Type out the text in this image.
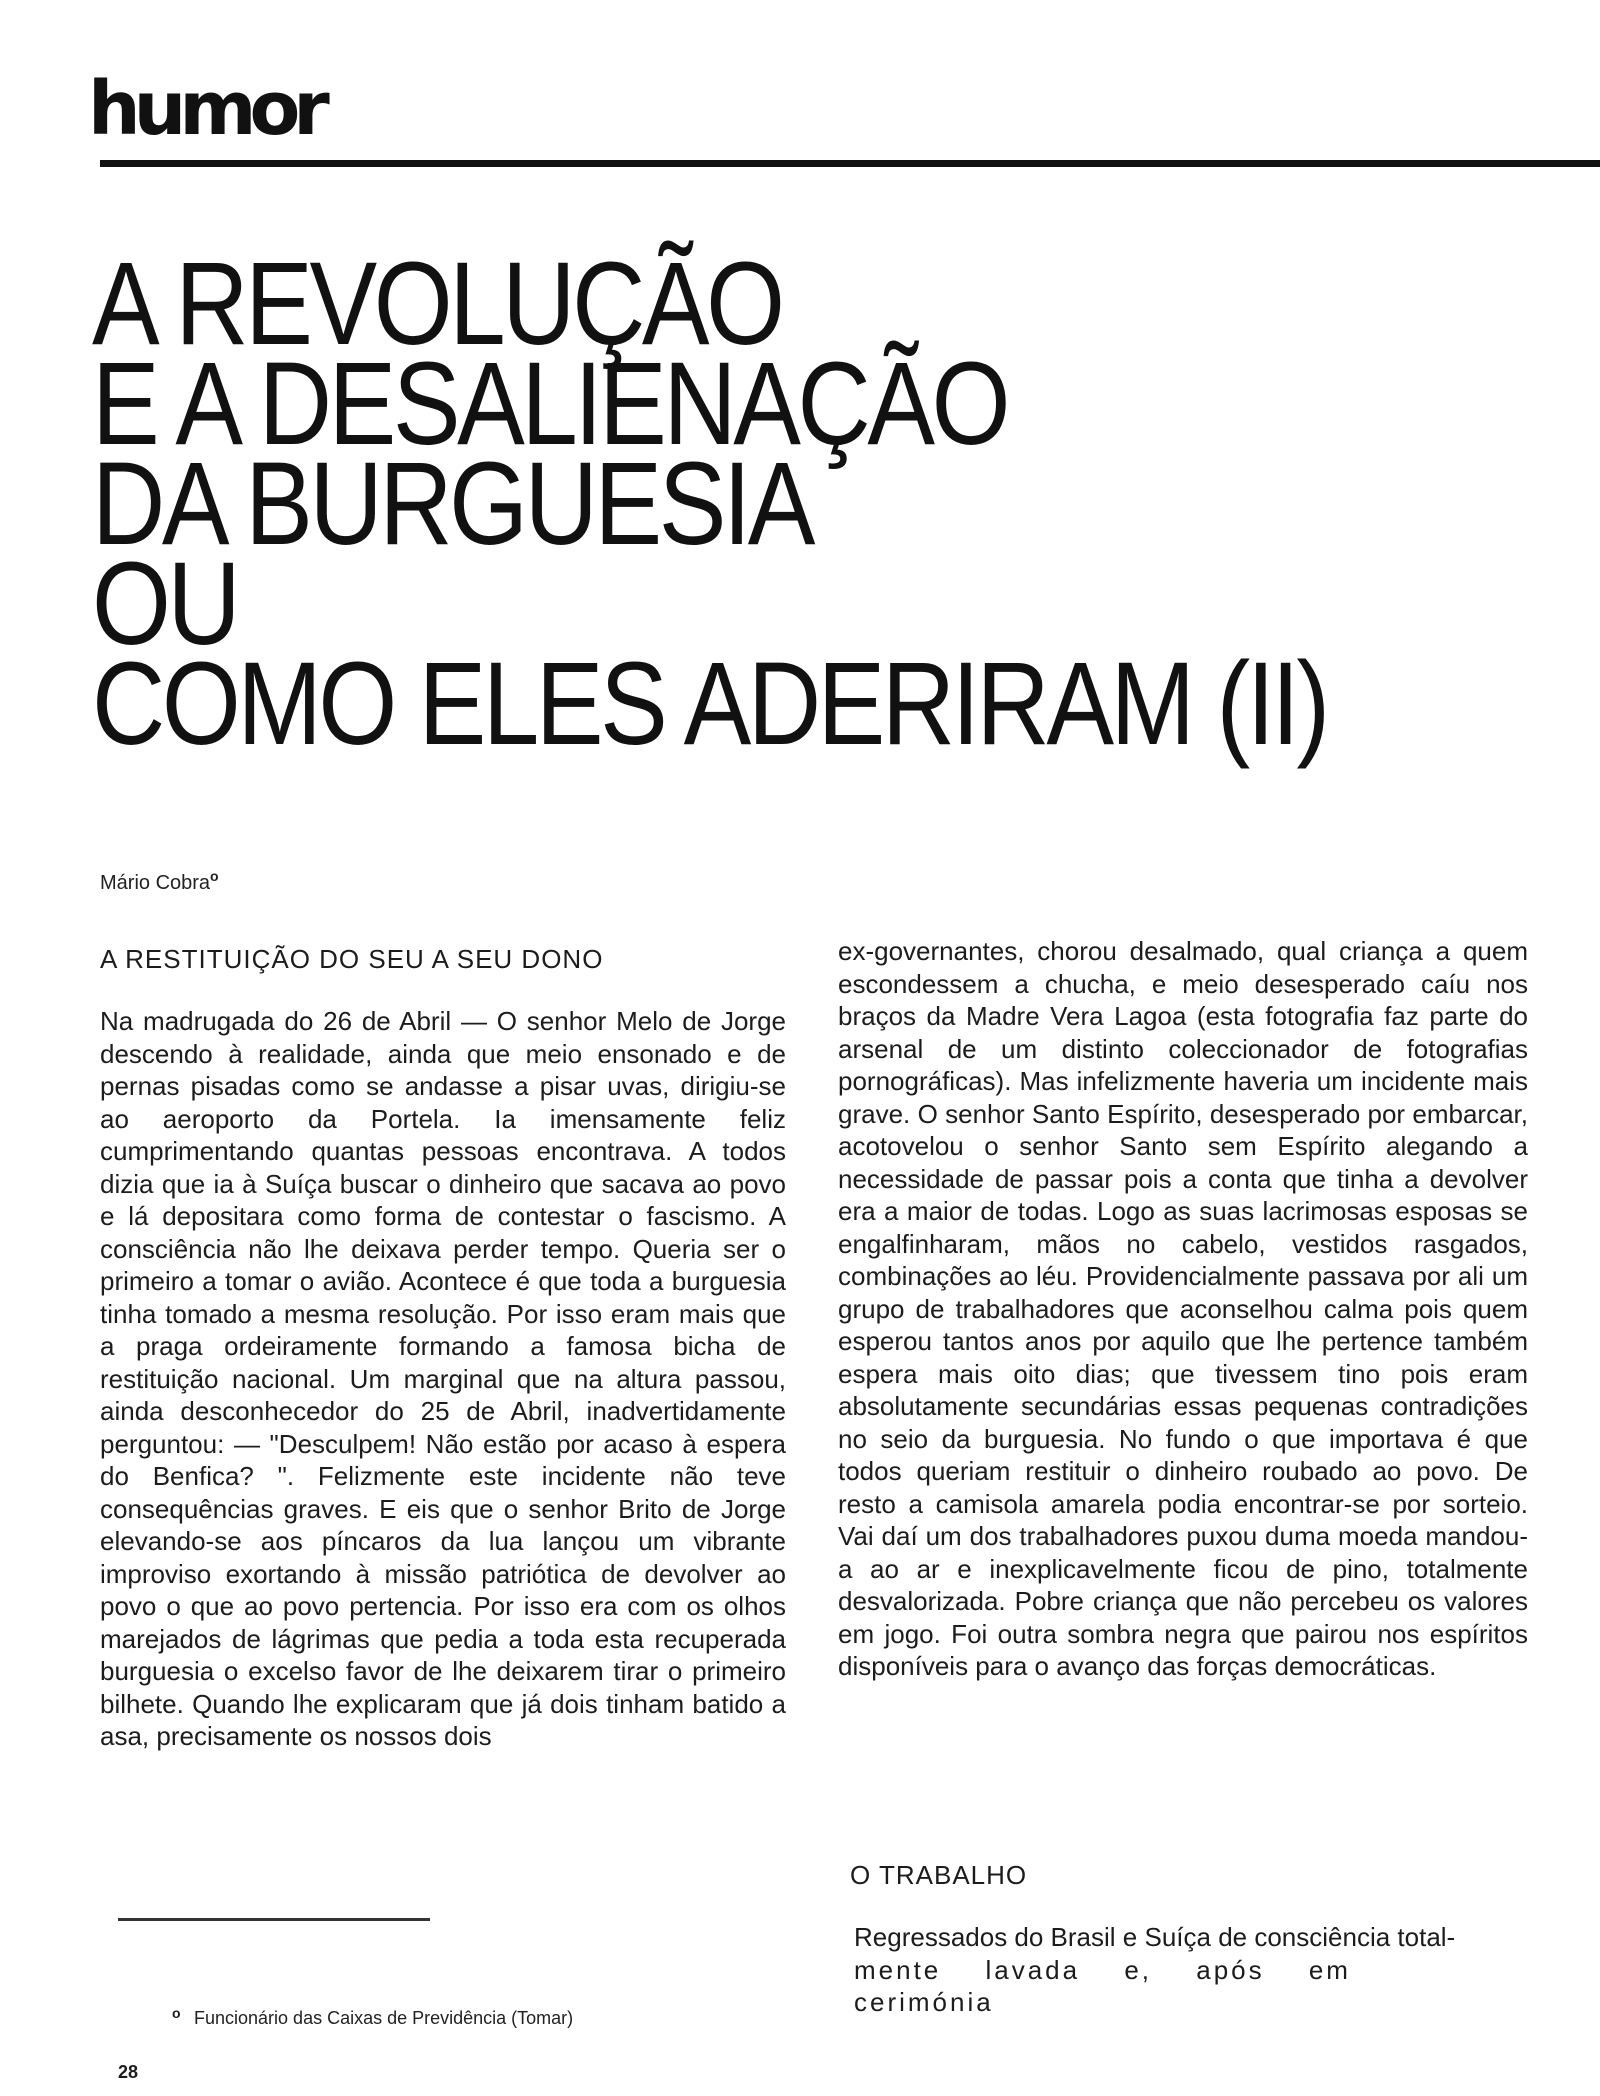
humor
A REVOLUÇÃO
E A DESALIENAÇÃO
DA BURGUESIA
OU
COMO ELES ADERIRAM (II)
Mário Cobra$^o$
A RESTITUIÇÃO DO SEU A SEU DONO

Na madrugada do 26 de Abril — O senhor Melo de Jorge descendo à realidade, ainda que meio ensonado e de pernas pisadas como se andasse a pisar uvas, dirigiu-se ao aeroporto da Portela. Ia imensamente feliz cumprimentando quantas pessoas encontrava. A todos dizia que ia à Suíça buscar o dinheiro que sacava ao povo e lá depositara como forma de contestar o fascismo. A consciência não lhe deixava perder tempo. Queria ser o primeiro a tomar o avião. Acontece é que toda a burguesia tinha tomado a mesma resolução. Por isso eram mais que a praga ordeiramente formando a famosa bicha de restituição nacional. Um marginal que na altura passou, ainda desconhecedor do 25 de Abril, inadvertidamente perguntou: — "Desculpem! Não estão por acaso à espera do Benfica? ". Felizmente este incidente não teve consequências graves. E eis que o senhor Brito de Jorge elevando-se aos píncaros da lua lançou um vibrante improviso exortando à missão patriótica de devolver ao povo o que ao povo pertencia. Por isso era com os olhos marejados de lágrimas que pedia a toda esta recuperada burguesia o excelso favor de lhe deixarem tirar o primeiro bilhete. Quando lhe explicaram que já dois tinham batido a asa, precisamente os nossos dois

ex-governantes, chorou desalmado, qual criança a quem escondessem a chucha, e meio desesperado caíu nos braços da Madre Vera Lagoa (esta fotografia faz parte do arsenal de um distinto coleccionador de fotografias pornográficas). Mas infelizmente haveria um incidente mais grave. O senhor Santo Espírito, desesperado por embarcar, acotovelou o senhor Santo sem Espírito alegando a necessidade de passar pois a conta que tinha a devolver era a maior de todas. Logo as suas lacrimosas esposas se engalfinharam, mãos no cabelo, vestidos rasgados, combinações ao léu. Providencialmente passava por ali um grupo de trabalhadores que aconselhou calma pois quem esperou tantos anos por aquilo que lhe pertence também espera mais oito dias; que tivessem tino pois eram absolutamente secundárias essas pequenas contradições no seio da burguesia. No fundo o que importava é que todos queriam restituir o dinheiro roubado ao povo. De resto a camisola amarela podia encontrar-se por sorteio. Vai daí um dos trabalhadores puxou duma moeda mandou-a ao ar e inexplicavelmente ficou de pino, totalmente desvalorizada. Pobre criança que não percebeu os valores em jogo. Foi outra sombra negra que pairou nos espíritos disponíveis para o avanço das forças democráticas.

O TRABALHO

Regressados do Brasil e Suíça de consciência total-
mente lavada e, após em cerimónia

o Funcionário das Caixas de Previdência (Tomar)
28
